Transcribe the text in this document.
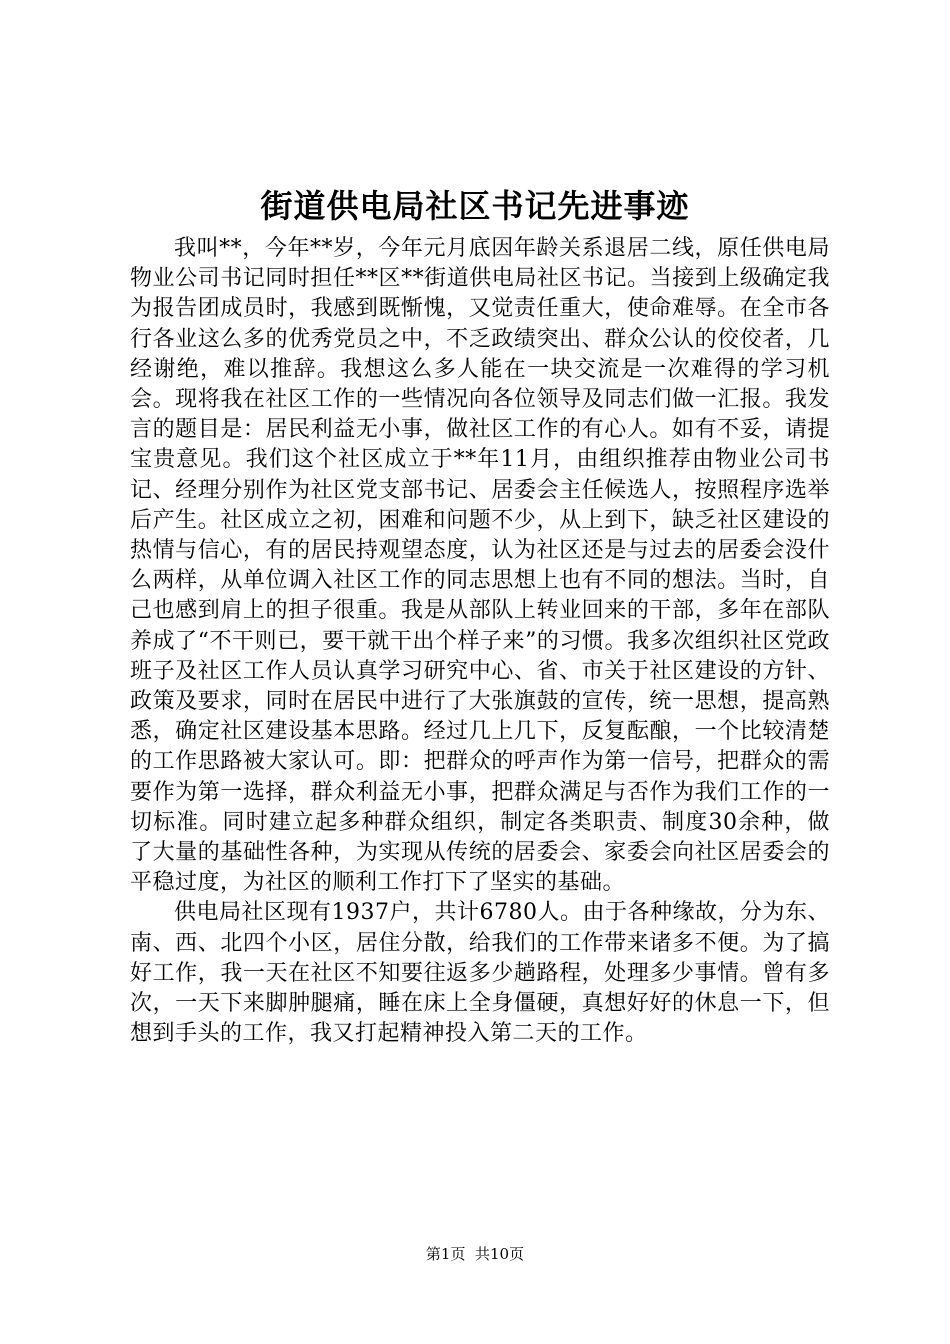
街道供电局社区书记先进事迹

我叫**，今年**岁，今年元月底因年龄关系退居二线，原任供电局物业公司书记同时担任**区**街道供电局社区书记。当接到上级确定我为报告团成员时，我感到既惭愧，又觉责任重大，使命难辱。在全市各行各业这么多的优秀党员之中，不乏政绩突出、群众公认的佼佼者，几经谢绝，难以推辞。我想这么多人能在一块交流是一次难得的学习机会。现将我在社区工作的一些情况向各位领导及同志们做一汇报。我发言的题目是：居民利益无小事，做社区工作的有心人。如有不妥，请提宝贵意见。我们这个社区成立于**年11月，由组织推荐由物业公司书记、经理分别作为社区党支部书记、居委会主任候选人，按照程序选举后产生。社区成立之初，困难和问题不少，从上到下，缺乏社区建设的热情与信心，有的居民持观望态度，认为社区还是与过去的居委会没什么两样，从单位调入社区工作的同志思想上也有不同的想法。当时，自己也感到肩上的担子很重。我是从部队上转业回来的干部，多年在部队养成了“不干则已，要干就干出个样子来”的习惯。我多次组织社区党政班子及社区工作人员认真学习研究中心、省、市关于社区建设的方针、政策及要求，同时在居民中进行了大张旗鼓的宣传，统一思想，提高熟悉，确定社区建设基本思路。经过几上几下，反复酝酿，一个比较清楚的工作思路被大家认可。即：把群众的呼声作为第一信号，把群众的需要作为第一选择，群众利益无小事，把群众满足与否作为我们工作的一切标准。同时建立起多种群众组织，制定各类职责、制度30余种，做了大量的基础性各种，为实现从传统的居委会、家委会向社区居委会的平稳过度，为社区的顺利工作打下了坚实的基础。

供电局社区现有1937户，共计6780人。由于各种缘故，分为东、南、西、北四个小区，居住分散，给我们的工作带来诸多不便。为了搞好工作，我一天在社区不知要往返多少趟路程，处理多少事情。曾有多次，一天下来脚肿腿痛，睡在床上全身僵硬，真想好好的休息一下，但想到手头的工作，我又打起精神投入第二天的工作。

第1页 共10页
